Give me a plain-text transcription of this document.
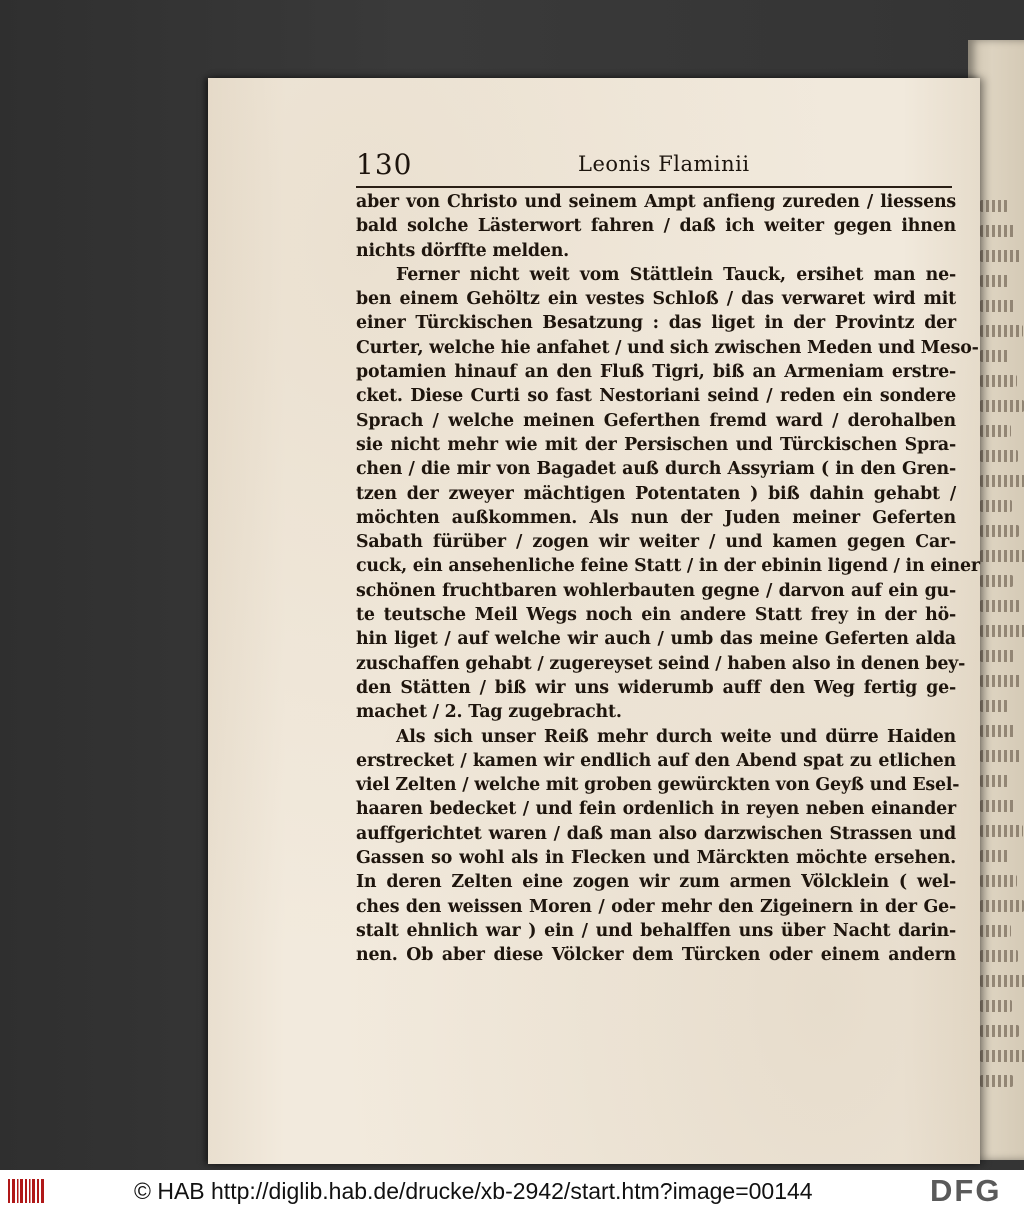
130	Leonis Flaminii
aber von Christo und seinem Ampt anfieng zureden / liessens
bald solche Lästerwort fahren / daß ich weiter gegen ihnen
nichts dörffte melden.
Ferner nicht weit vom Stättlein Tauck, ersihet man ne-
ben einem Gehöltz ein vestes Schloß / das verwaret wird mit
einer Türckischen Besatzung : das liget in der Provintz der
Curter, welche hie anfahet / und sich zwischen Meden und Meso-
potamien hinauf an den Fluß Tigri, biß an Armeniam erstre-
cket. Diese Curti so fast Nestoriani seind / reden ein sondere
Sprach / welche meinen Geferthen fremd ward / derohalben
sie nicht mehr wie mit der Persischen und Türckischen Spra-
chen / die mir von Bagadet auß durch Assyriam ( in den Gren-
tzen der zweyer mächtigen Potentaten ) biß dahin gehabt /
möchten außkommen. Als nun der Juden meiner Geferten
Sabath fürüber / zogen wir weiter / und kamen gegen Car-
cuck, ein ansehenliche feine Statt / in der ebinin ligend / in einer
schönen fruchtbaren wohlerbauten gegne / darvon auf ein gu-
te teutsche Meil Wegs noch ein andere Statt frey in der hö-
hin liget / auf welche wir auch / umb das meine Geferten alda
zuschaffen gehabt / zugereyset seind / haben also in denen bey-
den Stätten / biß wir uns widerumb auff den Weg fertig ge-
machet / 2. Tag zugebracht.
Als sich unser Reiß mehr durch weite und dürre Haiden
erstrecket / kamen wir endlich auf den Abend spat zu etlichen
viel Zelten / welche mit groben gewürckten von Geyß und Esel-
haaren bedecket / und fein ordenlich in reyen neben einander
auffgerichtet waren / daß man also darzwischen Strassen und
Gassen so wohl als in Flecken und Märckten möchte ersehen.
In deren Zelten eine zogen wir zum armen Völcklein ( wel-
ches den weissen Moren / oder mehr den Zigeinern in der Ge-
stalt ehnlich war ) ein / und behalffen uns über Nacht darin-
nen. Ob aber diese Völcker dem Türcken oder einem andern
© HAB http://diglib.hab.de/drucke/xb-2942/start.htm?image=00144	DFG
